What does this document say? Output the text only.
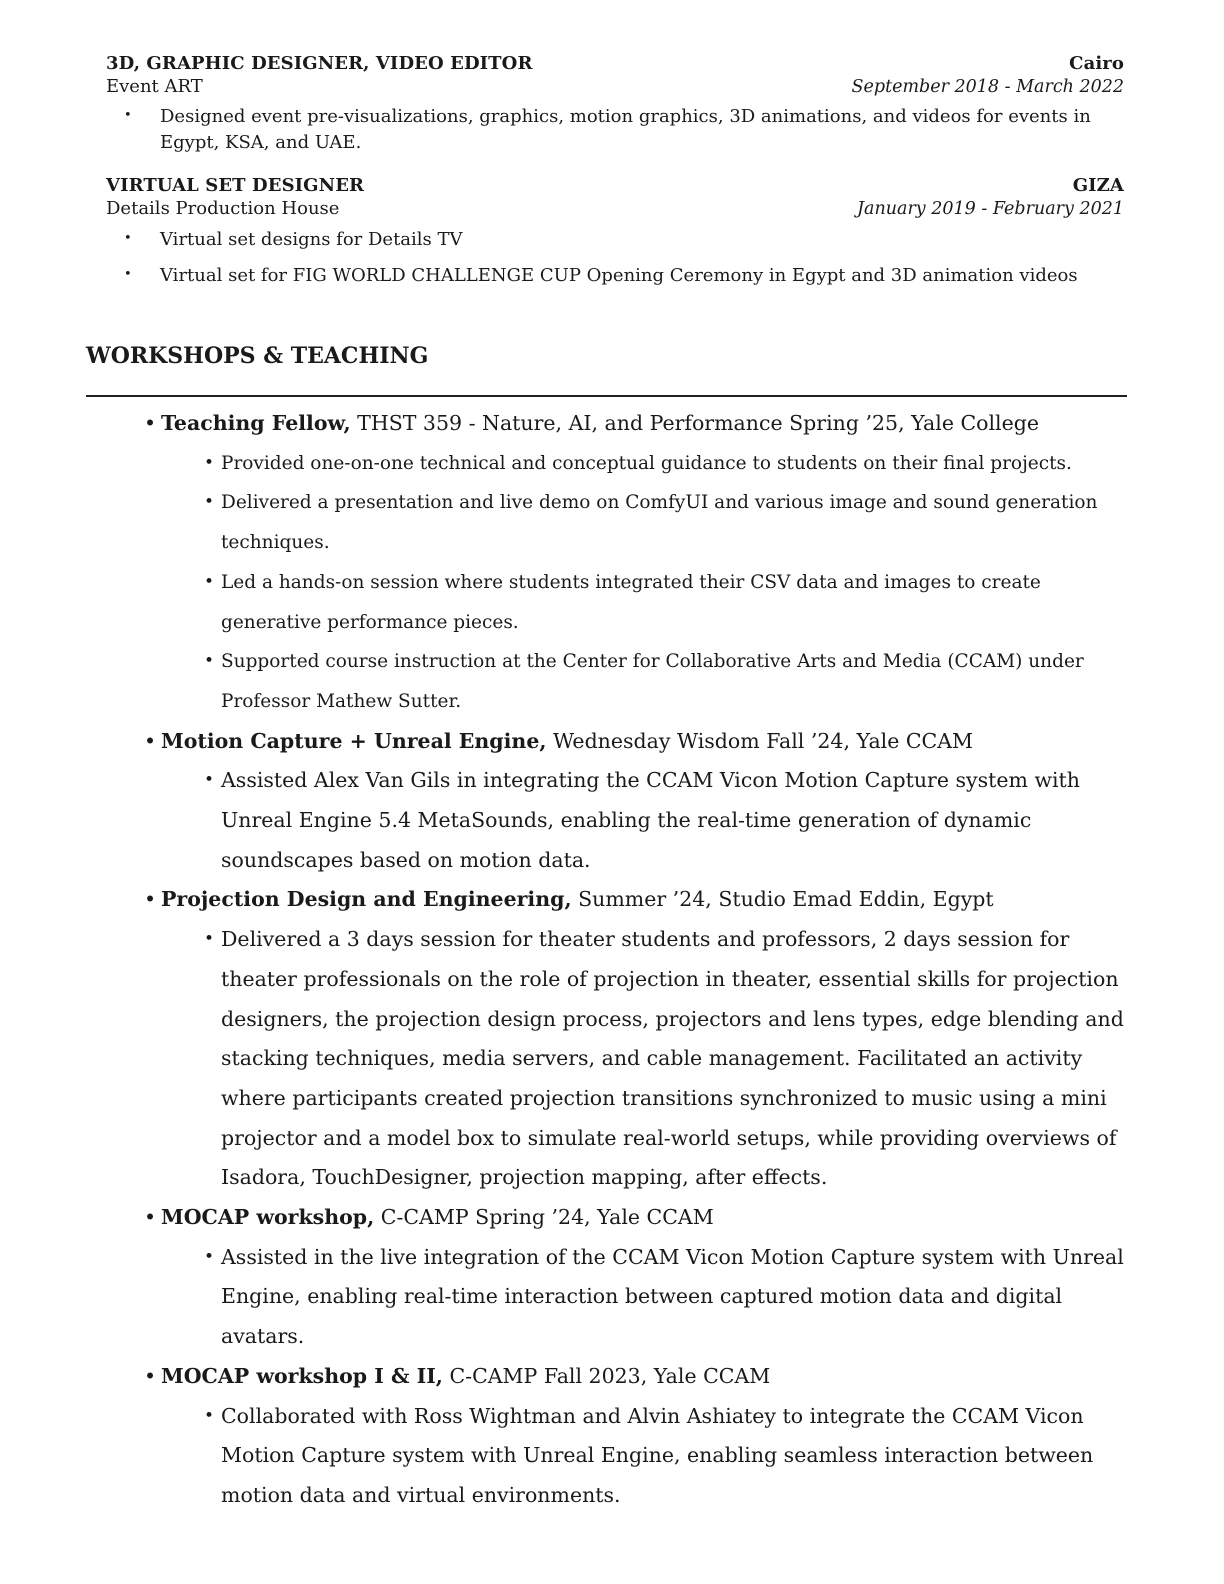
3D, GRAPHIC DESIGNER, VIDEO EDITOR	Cairo
Event ART	September 2018 - March 2022
• Designed event pre-visualizations, graphics, motion graphics, 3D animations, and videos for events in Egypt, KSA, and UAE.
VIRTUAL SET DESIGNER	GIZA
Details Production House	January 2019 - February 2021
• Virtual set designs for Details TV
• Virtual set for FIG WORLD CHALLENGE CUP Opening Ceremony in Egypt and 3D animation videos
WORKSHOPS & TEACHING
• Teaching Fellow, THST 359 - Nature, AI, and Performance Spring ’25, Yale College
• Provided one-on-one technical and conceptual guidance to students on their final projects.
• Delivered a presentation and live demo on ComfyUI and various image and sound generation techniques.
• Led a hands-on session where students integrated their CSV data and images to create generative performance pieces.
• Supported course instruction at the Center for Collaborative Arts and Media (CCAM) under Professor Mathew Sutter.
• Motion Capture + Unreal Engine, Wednesday Wisdom Fall ’24, Yale CCAM
• Assisted Alex Van Gils in integrating the CCAM Vicon Motion Capture system with Unreal Engine 5.4 MetaSounds, enabling the real-time generation of dynamic soundscapes based on motion data.
• Projection Design and Engineering, Summer ’24, Studio Emad Eddin, Egypt
• Delivered a 3 days session for theater students and professors, 2 days session for theater professionals on the role of projection in theater, essential skills for projection designers, the projection design process, projectors and lens types, edge blending and stacking techniques, media servers, and cable management. Facilitated an activity where participants created projection transitions synchronized to music using a mini projector and a model box to simulate real-world setups, while providing overviews of Isadora, TouchDesigner, projection mapping, after effects.
• MOCAP workshop, C-CAMP Spring ’24, Yale CCAM
• Assisted in the live integration of the CCAM Vicon Motion Capture system with Unreal Engine, enabling real-time interaction between captured motion data and digital avatars.
• MOCAP workshop I & II, C-CAMP Fall 2023, Yale CCAM
• Collaborated with Ross Wightman and Alvin Ashiatey to integrate the CCAM Vicon Motion Capture system with Unreal Engine, enabling seamless interaction between motion data and virtual environments.
